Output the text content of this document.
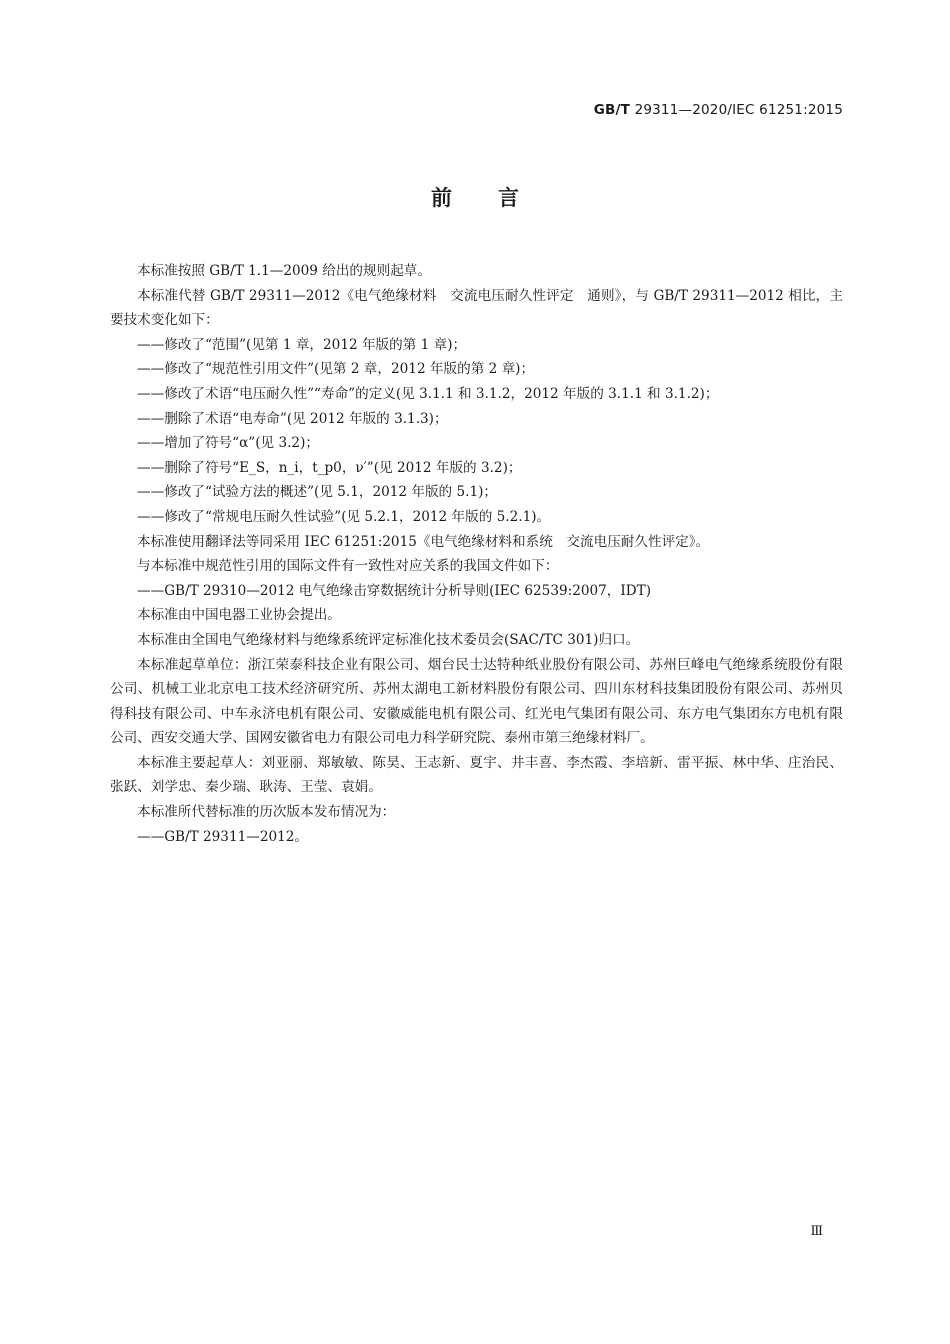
GB/T 29311—2020/IEC 61251:2015
前言

本标准按照 GB/T 1.1—2009 给出的规则起草。

本标准代替 GB/T 29311—2012《电气绝缘材料　交流电压耐久性评定　通则》，与 GB/T 29311—2012 相比，主要技术变化如下：

——修改了“范围”(见第 1 章，2012 年版的第 1 章)；

——修改了“规范性引用文件”(见第 2 章，2012 年版的第 2 章)；

——修改了术语“电压耐久性”“寿命”的定义(见 3.1.1 和 3.1.2，2012 年版的 3.1.1 和 3.1.2)；

——删除了术语“电寿命”(见 2012 年版的 3.1.3)；

——增加了符号“α”(见 3.2)；

——删除了符号“E_S，n_i，t_p0，ν′”(见 2012 年版的 3.2)；

——修改了“试验方法的概述”(见 5.1，2012 年版的 5.1)；

——修改了“常规电压耐久性试验”(见 5.2.1，2012 年版的 5.2.1)。

本标准使用翻译法等同采用 IEC 61251:2015《电气绝缘材料和系统　交流电压耐久性评定》。

与本标准中规范性引用的国际文件有一致性对应关系的我国文件如下：

——GB/T 29310—2012 电气绝缘击穿数据统计分析导则(IEC 62539:2007，IDT)

本标准由中国电器工业协会提出。

本标准由全国电气绝缘材料与绝缘系统评定标准化技术委员会(SAC/TC 301)归口。

本标准起草单位：浙江荣泰科技企业有限公司、烟台民士达特种纸业股份有限公司、苏州巨峰电气绝缘系统股份有限公司、机械工业北京电工技术经济研究所、苏州太湖电工新材料股份有限公司、四川东材科技集团股份有限公司、苏州贝得科技有限公司、中车永济电机有限公司、安徽威能电机有限公司、红光电气集团有限公司、东方电气集团东方电机有限公司、西安交通大学、国网安徽省电力有限公司电力科学研究院、泰州市第三绝缘材料厂。

本标准主要起草人：刘亚丽、郑敏敏、陈昊、王志新、夏宇、井丰喜、李杰霞、李培新、雷平振、林中华、庄治民、张跃、刘学忠、秦少瑞、耿涛、王莹、袁娟。

本标准所代替标准的历次版本发布情况为：

——GB/T 29311—2012。

Ⅲ
